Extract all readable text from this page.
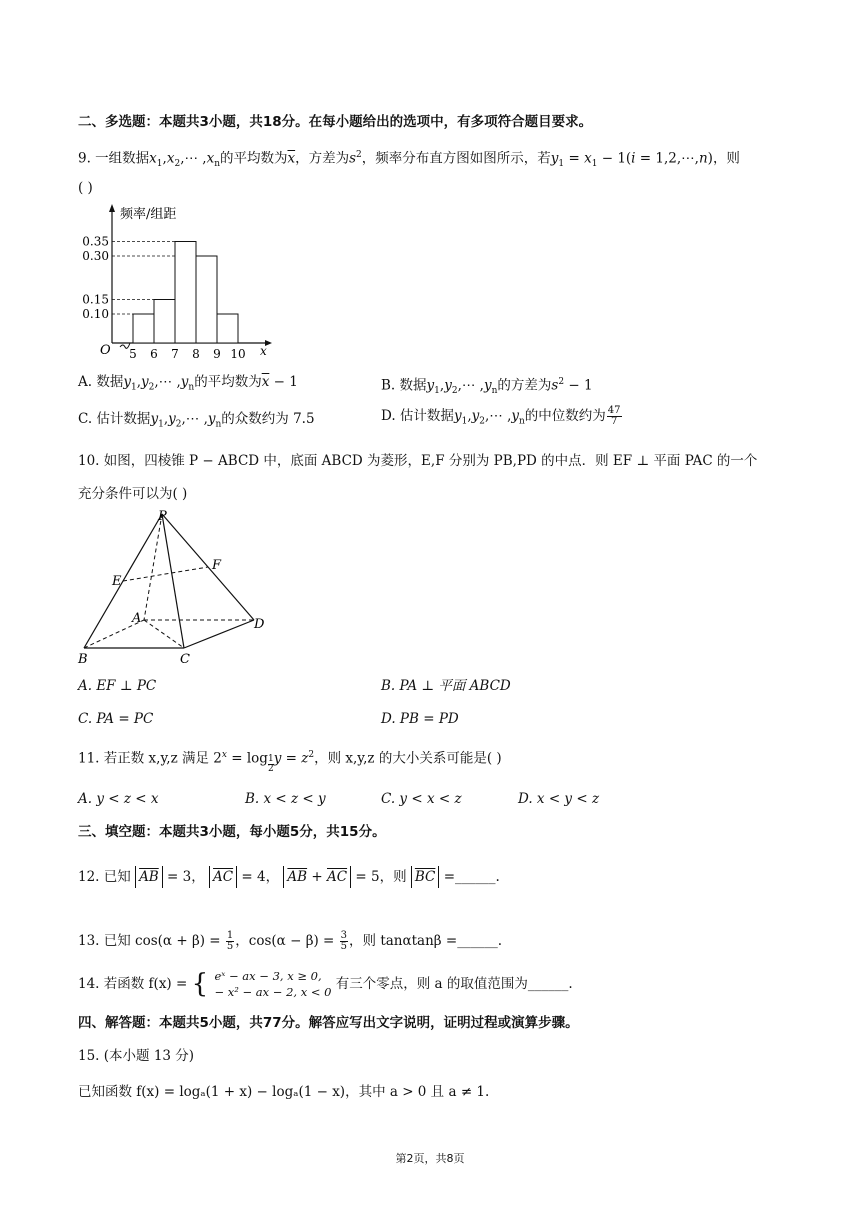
二、多选题：本题共3小题，共18分。在每小题给出的选项中，有多项符合题目要求。
9. 一组数据$x_1,x_2,\cdots$ $,x_n$的平均数为$\overline{x}$，方差为$s^2$，频率分布直方图如图所示，若$y_1 = x_1 - 1(i$ = 1,2,⋯,n)，则
( )
0.10
0.15
0.30
0.35
5 6 7 8 9 10
O	x
频率/组距
A. 数据$y_1,y_2,\cdots$ $,y_n$的平均数为$\overline{x} - 1$	B. 数据$y_1,y_2,\cdots$ $,y_n$的方差为$s^2 - 1$
C. 估计数据$y_1,y_2,\cdots$ $,y_n$的众数约为 7.5	D. 估计数据$y_1,y_2,\cdots$ $,y_n$的中位数约为 $\frac{47}{7}$
10. 如图，四棱锥 P − ABCD 中，底面 ABCD 为菱形，E,F 分别为 PB,PD 的中点．则 EF ⊥ 平面 PAC 的一个
充分条件可以为( )
P
E
F
A
B	C
D
A. EF ⊥ PC	B. PA ⊥ 平面 ABCD
C. PA = PC	D. PB = PD
11. 若正数 x,y,z 满足 $2^x = \log \frac{1}{2}$ $y = z^2$，则 x,y,z 的大小关系可能是( )
A. y < z < x	B. x < z < y	C. y < x < z	D. x < y < z
三、填空题：本题共3小题，每小题5分，共15分。
12. 已知 $\overline{AB} = 3$， $\overline{AC} = 4$， $\overline{AB} + \overline{AC} = 5$，则 $\overline{BC}$ =______.
13. 已知 $\cos(\alpha + \beta) = \frac{1}{5}$ ，$\cos(\alpha - \beta) = \frac{3}{5}$ ，则 tanαtanβ =______.
14. 若函数 f(x) = { eˣ − ax − 3, x ≥ 0,
− x² − ax − 2, x < 0 有三个零点，则 a 的取值范围为______.
四、解答题：本题共5小题，共77分。解答应写出文字说明，证明过程或演算步骤。
15. (本小题 13 分)
已知函数 f(x) = logₐ(1 + x) − logₐ(1 − x)，其中 a > 0 且 a ≠ 1.
第2页，共8页
